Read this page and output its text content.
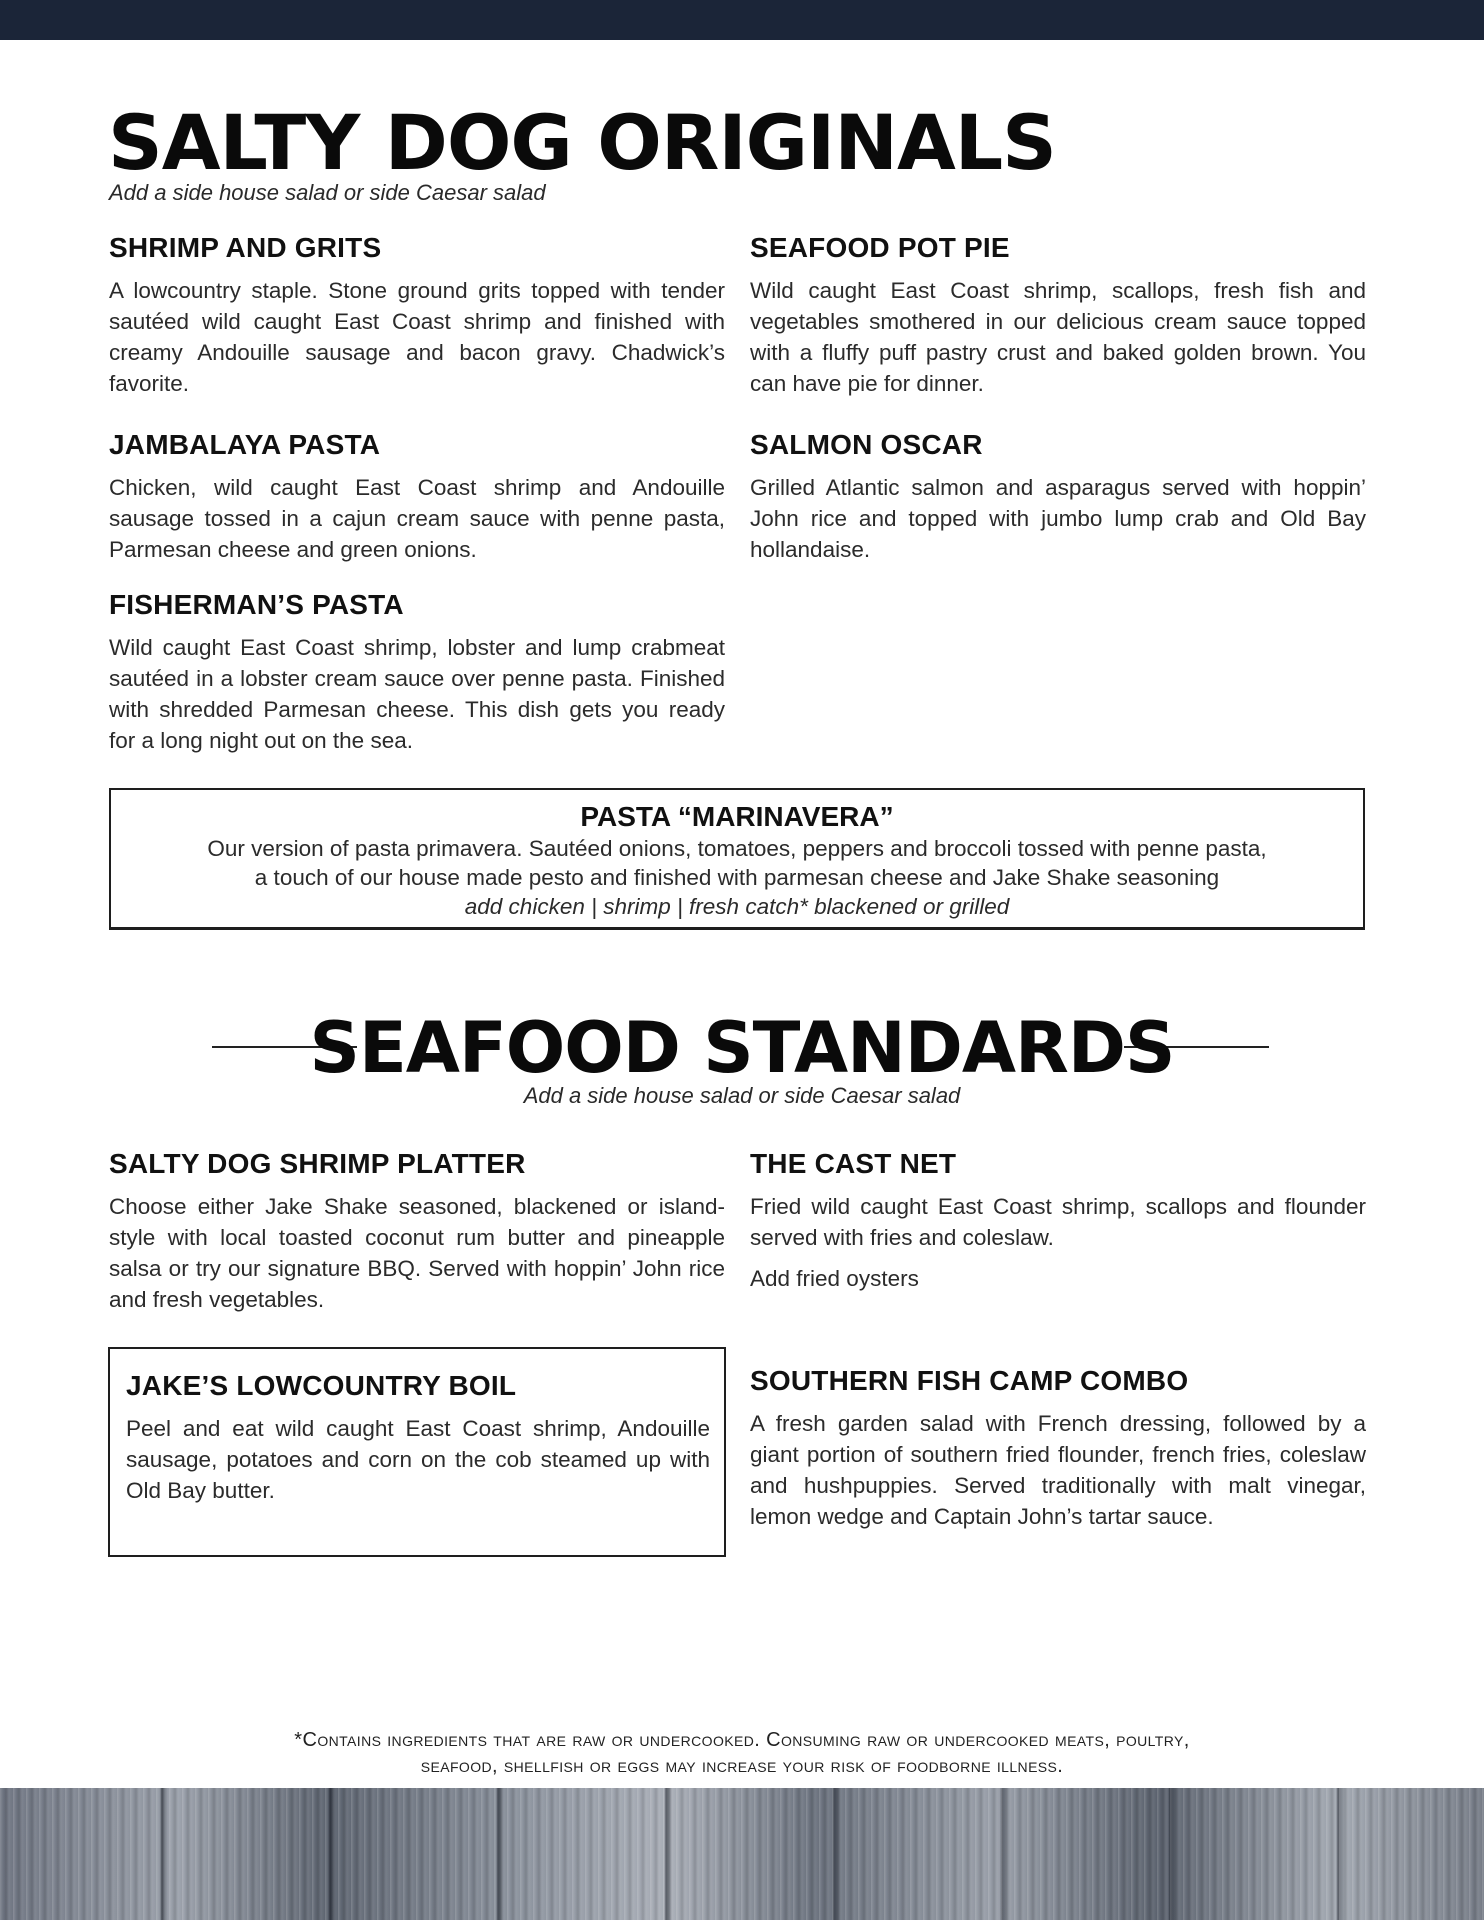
SALTY DOG ORIGINALS

Add a side house salad or side Caesar salad

SHRIMP AND GRITS

A lowcountry staple. Stone ground grits topped with tender sautéed wild caught East Coast shrimp and finished with creamy Andouille sausage and bacon gravy. Chadwick’s favorite.

SEAFOOD POT PIE

Wild caught East Coast shrimp, scallops, fresh fish and vegetables smothered in our delicious cream sauce topped with a fluffy puff pastry crust and baked golden brown. You can have pie for dinner.

JAMBALAYA PASTA

Chicken, wild caught East Coast shrimp and Andouille sausage tossed in a cajun cream sauce with penne pasta, Parmesan cheese and green onions.

SALMON OSCAR

Grilled Atlantic salmon and asparagus served with hoppin’ John rice and topped with jumbo lump crab and Old Bay hollandaise.

FISHERMAN’S PASTA

Wild caught East Coast shrimp, lobster and lump crabmeat sautéed in a lobster cream sauce over penne pasta. Finished with shredded Parmesan cheese. This dish gets you ready for a long night out on the sea.

PASTA “MARINAVERA”

Our version of pasta primavera. Sautéed onions, tomatoes, peppers and broccoli tossed with penne pasta,

a touch of our house made pesto and finished with parmesan cheese and Jake Shake seasoning

add chicken | shrimp | fresh catch* blackened or grilled

SEAFOOD STANDARDS

Add a side house salad or side Caesar salad

SALTY DOG SHRIMP PLATTER

Choose either Jake Shake seasoned, blackened or island-style with local toasted coconut rum butter and pineapple salsa or try our signature BBQ. Served with hoppin’ John rice and fresh vegetables.

THE CAST NET

Fried wild caught East Coast shrimp, scallops and flounder served with fries and coleslaw.

Add fried oysters

JAKE’S LOWCOUNTRY BOIL

Peel and eat wild caught East Coast shrimp, Andouille sausage, potatoes and corn on the cob steamed up with Old Bay butter.

SOUTHERN FISH CAMP COMBO

A fresh garden salad with French dressing, followed by a giant portion of southern fried flounder, french fries, coleslaw and hushpuppies. Served traditionally with malt vinegar, lemon wedge and Captain John’s tartar sauce.

*Contains ingredients that are raw or undercooked. Consuming raw or undercooked meats, poultry,
seafood, shellfish or eggs may increase your risk of foodborne illness.
